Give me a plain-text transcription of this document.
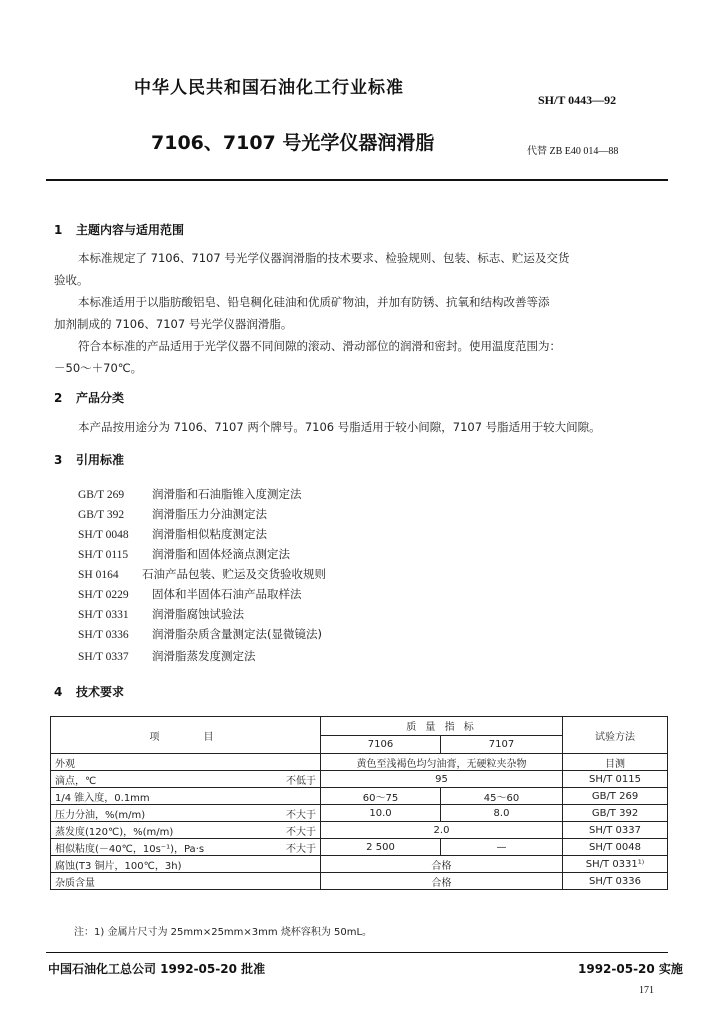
中华人民共和国石油化工行业标准
SH/T 0443—92
7106、7107 号光学仪器润滑脂	代替 ZB E40 014—88
1 主题内容与适用范围
本标准规定了 7106、7107 号光学仪器润滑脂的技术要求、检验规则、包装、标志、贮运及交货
验收。
本标准适用于以脂肪酸铝皂、铅皂稠化硅油和优质矿物油，并加有防锈、抗氧和结构改善等添
加剂制成的 7106、7107 号光学仪器润滑脂。
符合本标准的产品适用于光学仪器不同间隙的滚动、滑动部位的润滑和密封。使用温度范围为：
－50～＋70℃。
2 产品分类
本产品按用途分为 7106、7107 两个牌号。7106 号脂适用于较小间隙，7107 号脂适用于较大间隙。
3 引用标准
GB/T 269 润滑脂和石油脂锥入度测定法
GB/T 392 润滑脂压力分油测定法
SH/T 0048 润滑脂相似粘度测定法
SH/T 0115 润滑脂和固体烃滴点测定法
SH 0164 石油产品包装、贮运及交货验收规则
SH/T 0229 固体和半固体石油产品取样法
SH/T 0331 润滑脂腐蚀试验法
SH/T 0336 润滑脂杂质含量测定法(显微镜法)
SH/T 0337 润滑脂蒸发度测定法
4 技术要求
项　　目	质 量 指 标		试验方法
	7106	7107	
外观	黄色至浅褐色均匀油膏，无硬粒夹杂物		目测

滴点，℃ 不低于	95		SH/T 0115
1/4 锥入度，0.1mm	60～75	45～60	GB/T 269

压力分油，%(m/m) 不大于	10.0	8.0	GB/T 392

蒸发度(120℃)，%(m/m) 不大于	2.0		SH/T 0337

相似粘度(－40℃，10s⁻¹)，Pa·s 不大于	2 500	—	SH/T 0048
腐蚀(T3 铜片，100℃，3h)	合格		SH/T 0331¹⁾
杂质含量	合格		SH/T 0336
注：1) 金属片尺寸为 25mm×25mm×3mm 烧杯容积为 50mL。
中国石油化工总公司 1992-05-20 批准	1992-05-20 实施
171
